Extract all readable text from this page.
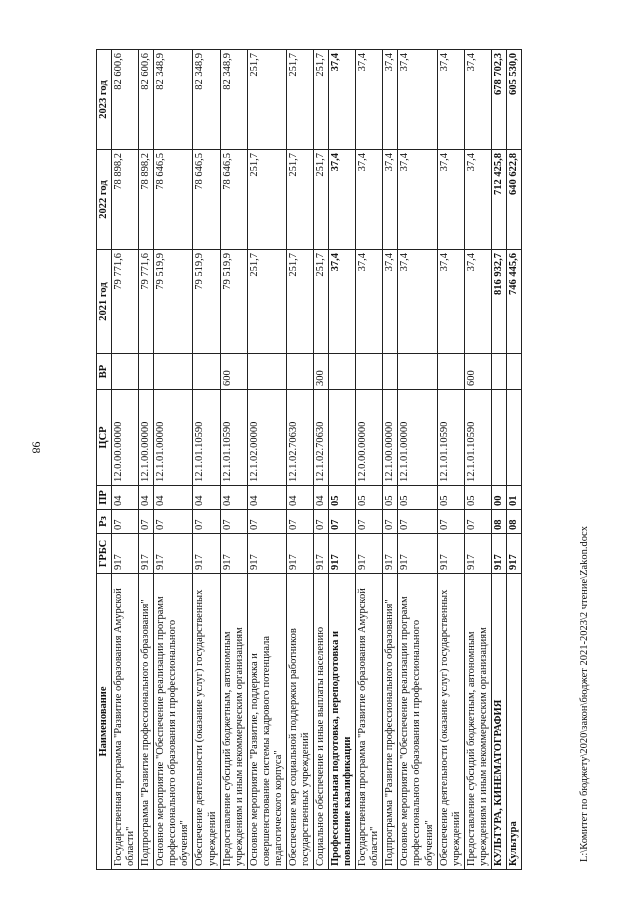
98
Наименование	ГРБС	Рз	ПР	ЦСР	ВР	2021 год	2022 год	2023 год
Государственная программа "Развитие образования Амурской области"	917	07	04	12.0.00.00000		79 771,6	78 898,2	82 600,6
Подпрограмма "Развитие профессионального образования"	917	07	04	12.1.00.00000		79 771,6	78 898,2	82 600,6
Основное мероприятие "Обеспечение реализации программ профессионального образования и профессионального обучения"	917	07	04	12.1.01.00000		79 519,9	78 646,5	82 348,9
Обеспечение деятельности (оказание услуг) государственных учреждений	917	07	04	12.1.01.10590		79 519,9	78 646,5	82 348,9
Предоставление субсидий бюджетным, автономным учреждениям и иным некоммерческим организациям	917	07	04	12.1.01.10590	600	79 519,9	78 646,5	82 348,9
Основное мероприятие "Развитие, поддержка и совершенствование системы кадрового потенциала педагогического корпуса"	917	07	04	12.1.02.00000		251,7	251,7	251,7
Обеспечение мер социальной поддержки работников государственных учреждений	917	07	04	12.1.02.70630		251,7	251,7	251,7
Социальное обеспечение и иные выплаты населению	917	07	04	12.1.02.70630	300	251,7	251,7	251,7
Профессиональная подготовка, переподготовка и повышение квалификации	917	07	05			37,4	37,4	37,4
Государственная программа "Развитие образования Амурской области"	917	07	05	12.0.00.00000		37,4	37,4	37,4
Подпрограмма "Развитие профессионального образования"	917	07	05	12.1.00.00000		37,4	37,4	37,4
Основное мероприятие "Обеспечение реализации программ профессионального образования и профессионального обучения"	917	07	05	12.1.01.00000		37,4	37,4	37,4
Обеспечение деятельности (оказание услуг) государственных учреждений	917	07	05	12.1.01.10590		37,4	37,4	37,4
Предоставление субсидий бюджетным, автономным учреждениям и иным некоммерческим организациям	917	07	05	12.1.01.10590	600	37,4	37,4	37,4
КУЛЬТУРА, КИНЕМАТОГРАФИЯ	917	08	00			816 932,7	712 425,8	678 702,3
Культура	917	08	01			746 445,6	640 622,8	605 530,0
L:\Комитет по бюджету\2020\закон\бюджет 2021-2023\2 чтение\Zakon.docx
